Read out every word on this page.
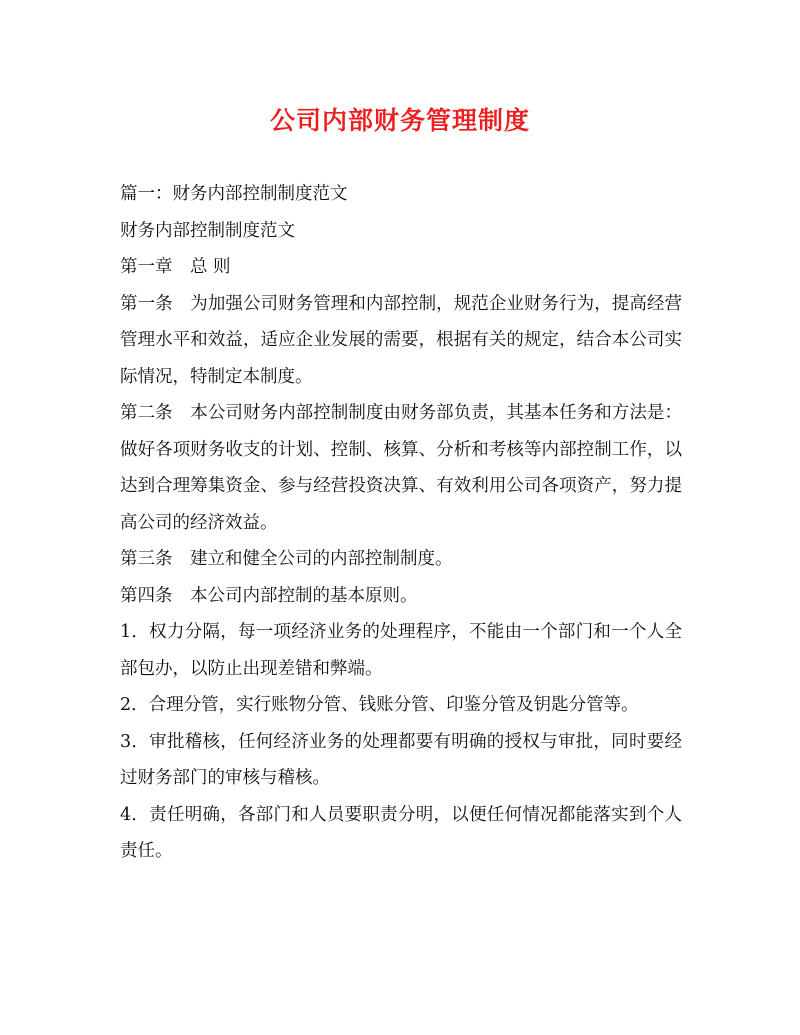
公司内部财务管理制度

篇一：财务内部控制制度范文

财务内部控制制度范文

第一章　总 则

第一条　为加强公司财务管理和内部控制，规范企业财务行为，提高经营管理水平和效益，适应企业发展的需要，根据有关的规定，结合本公司实际情况，特制定本制度。

第二条　本公司财务内部控制制度由财务部负责，其基本任务和方法是：做好各项财务收支的计划、控制、核算、分析和考核等内部控制工作，以达到合理筹集资金、参与经营投资决算、有效利用公司各项资产，努力提高公司的经济效益。

第三条　建立和健全公司的内部控制制度。

第四条　本公司内部控制的基本原则。

1．权力分隔，每一项经济业务的处理程序，不能由一个部门和一个人全部包办，以防止出现差错和弊端。

2．合理分管，实行账物分管、钱账分管、印鉴分管及钥匙分管等。

3．审批稽核，任何经济业务的处理都要有明确的授权与审批，同时要经过财务部门的审核与稽核。

4．责任明确，各部门和人员要职责分明，以便任何情况都能落实到个人责任。
